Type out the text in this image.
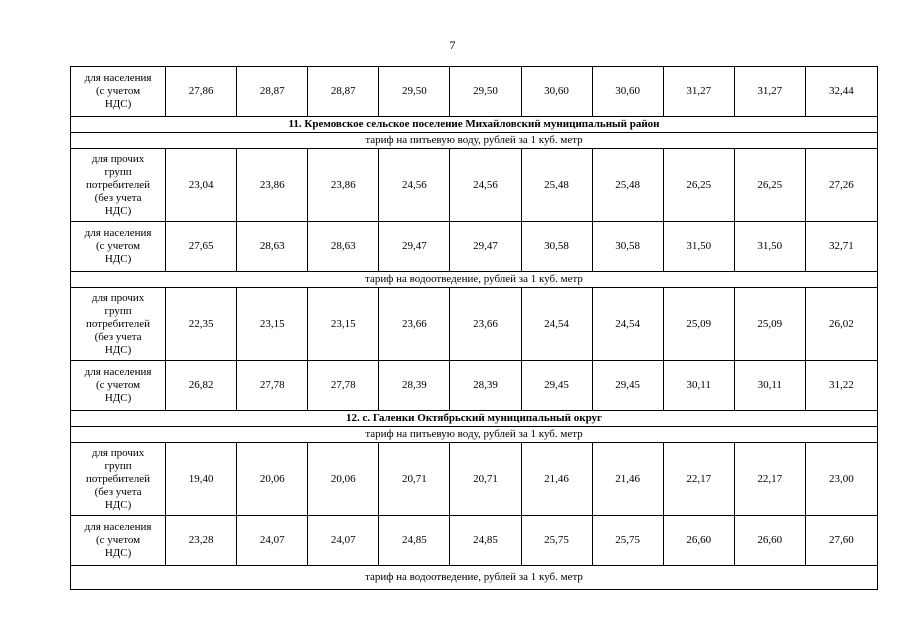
7
для населения
(с учетом
НДС)	27,86	28,87	28,87	29,50	29,50	30,60	30,60	31,27	31,27	32,44
11. Кремовское сельское поселение Михайловский муниципальный район										
тариф на питьевую воду, рублей за 1 куб. метр										
для прочих
групп
потребителей
(без учета
НДС)	23,04	23,86	23,86	24,56	24,56	25,48	25,48	26,25	26,25	27,26
для населения
(с учетом
НДС)	27,65	28,63	28,63	29,47	29,47	30,58	30,58	31,50	31,50	32,71
тариф на водоотведение, рублей за 1 куб. метр										
для прочих
групп
потребителей
(без учета
НДС)	22,35	23,15	23,15	23,66	23,66	24,54	24,54	25,09	25,09	26,02
для населения
(с учетом
НДС)	26,82	27,78	27,78	28,39	28,39	29,45	29,45	30,11	30,11	31,22
12. с. Галенки Октябрьский муниципальный округ										
тариф на питьевую воду, рублей за 1 куб. метр										
для прочих
групп
потребителей
(без учета
НДС)	19,40	20,06	20,06	20,71	20,71	21,46	21,46	22,17	22,17	23,00
для населения
(с учетом
НДС)	23,28	24,07	24,07	24,85	24,85	25,75	25,75	26,60	26,60	27,60
тариф на водоотведение, рублей за 1 куб. метр										
